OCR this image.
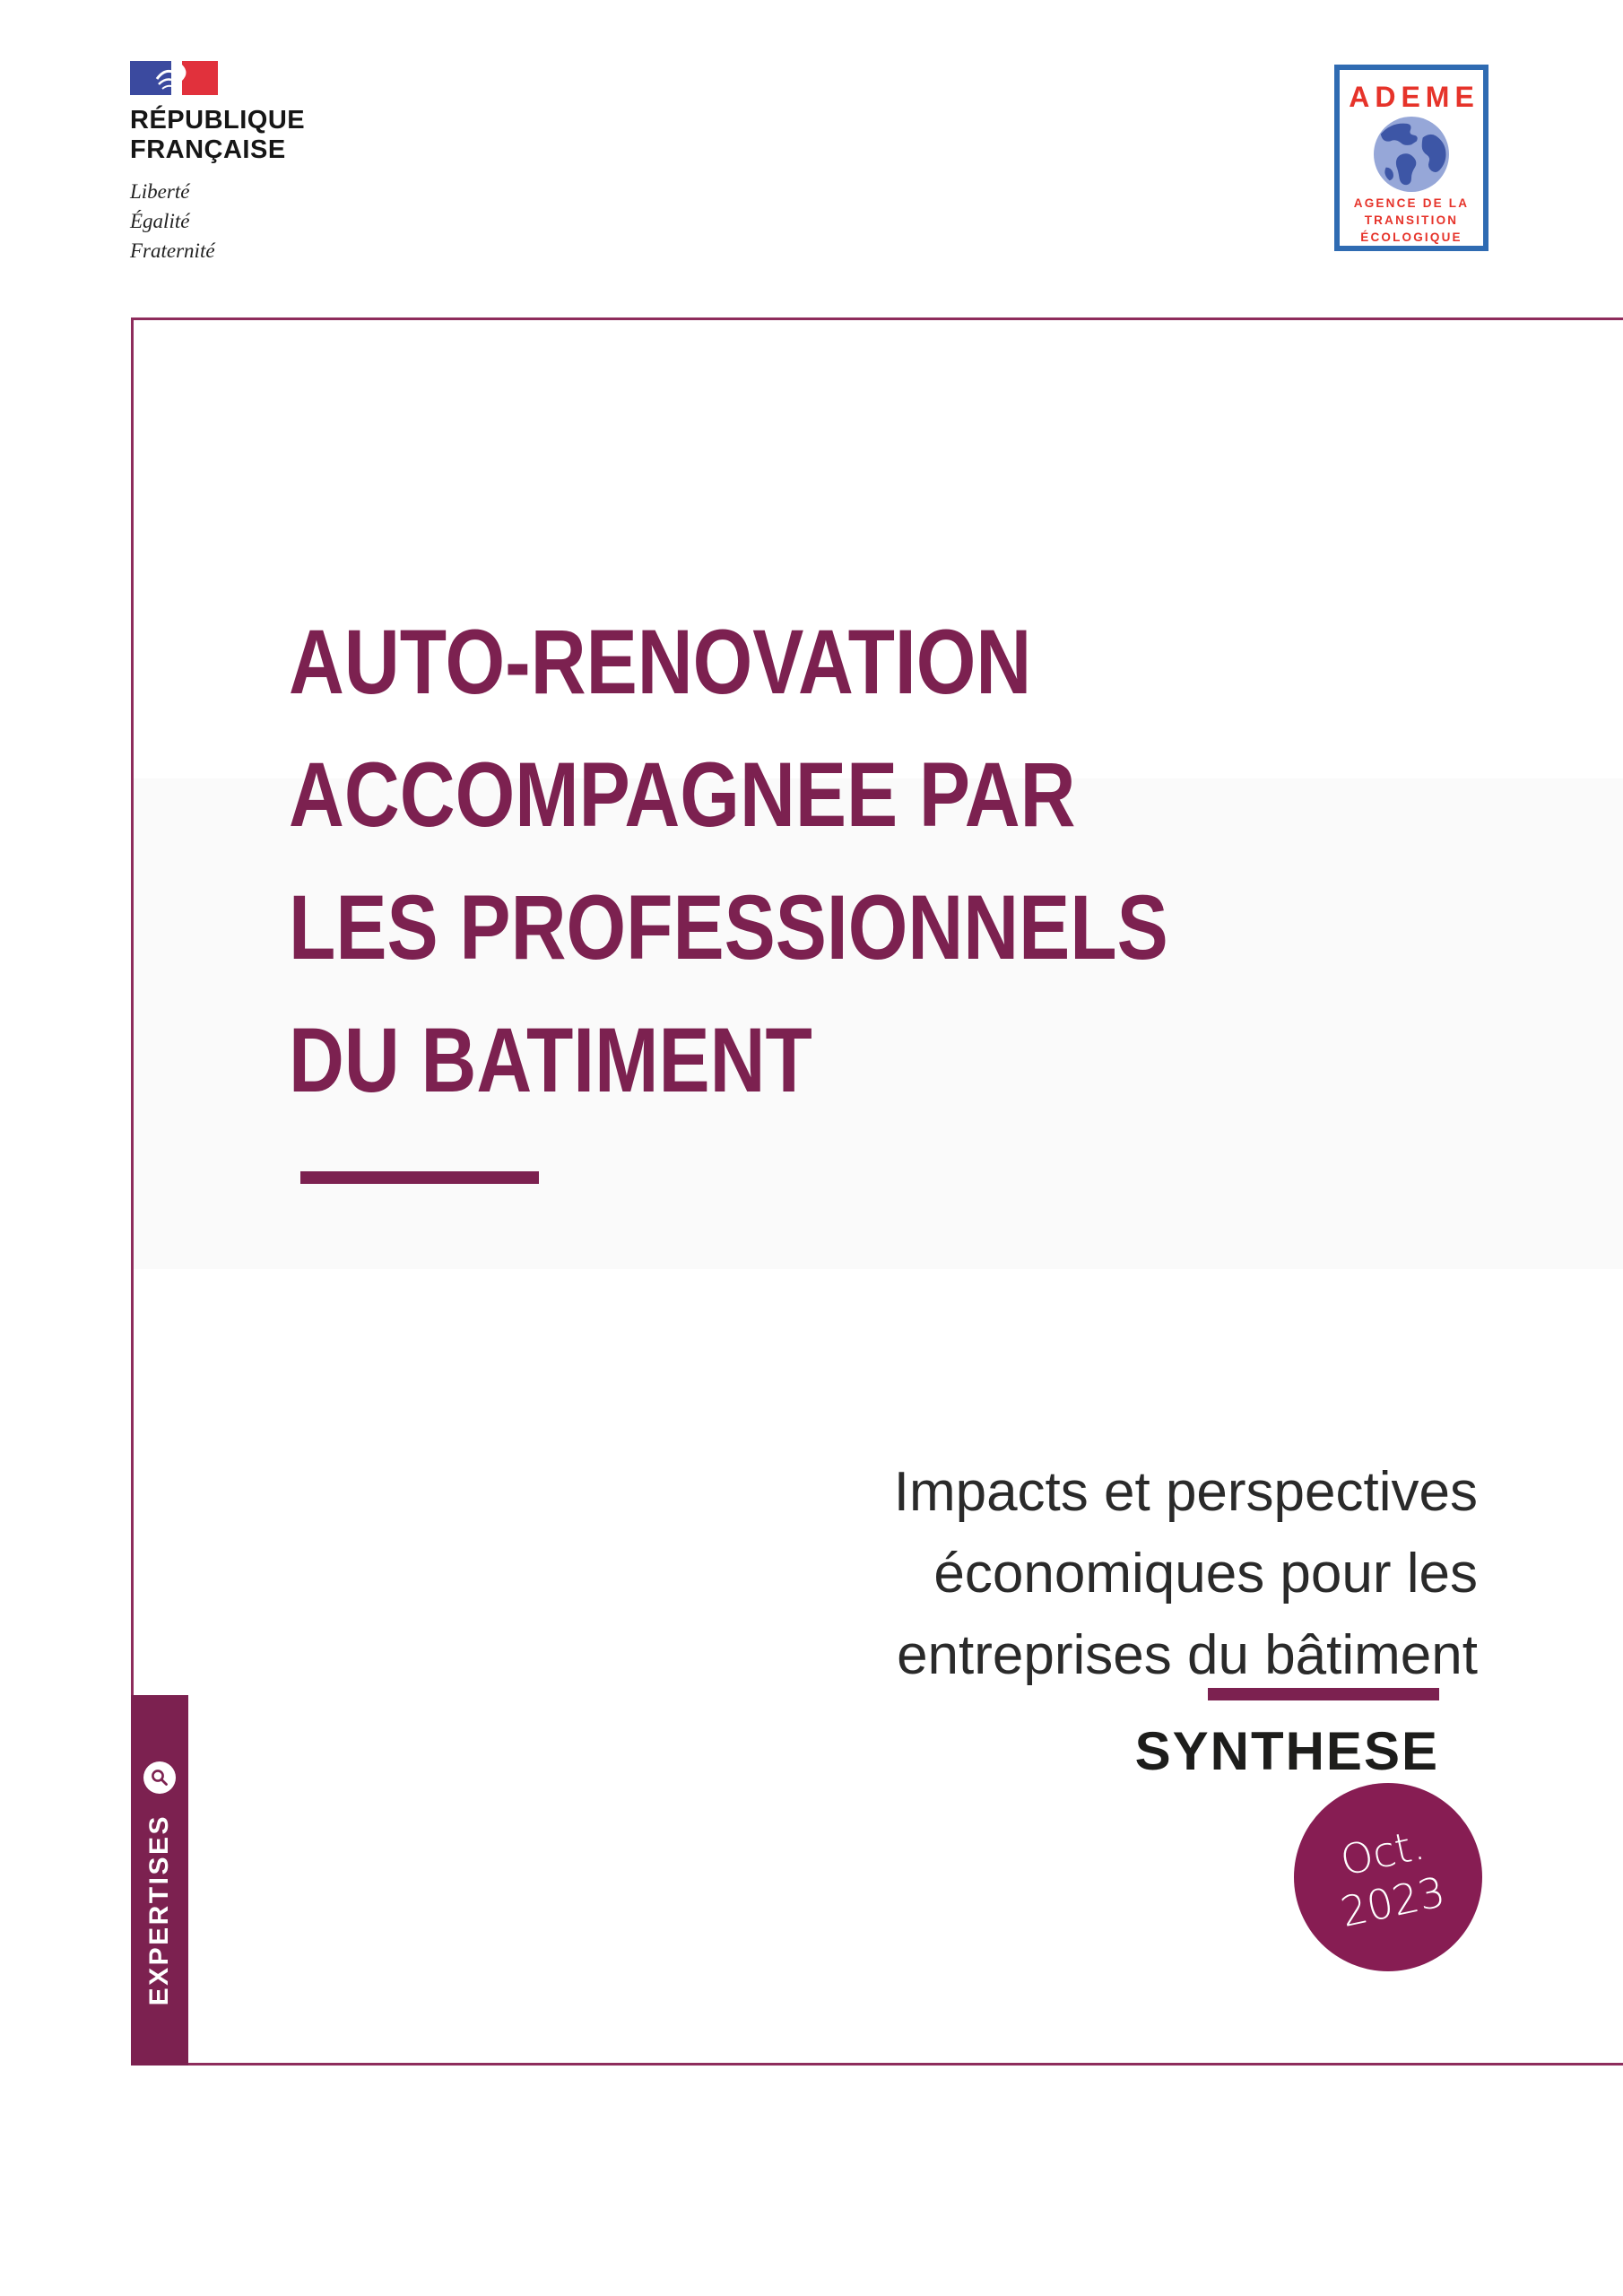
RÉPUBLIQUE
FRANÇAISE
Liberté
Égalité
Fraternité
ADEME
AGENCE DE LA
TRANSITION
ÉCOLOGIQUE
AUTO-RENOVATION
ACCOMPAGNEE PAR
LES PROFESSIONNELS
DU BATIMENT
Impacts et perspectives
économiques pour les
entreprises du bâtiment
SYNTHESE
Oct.
2023
EXPERTISES
